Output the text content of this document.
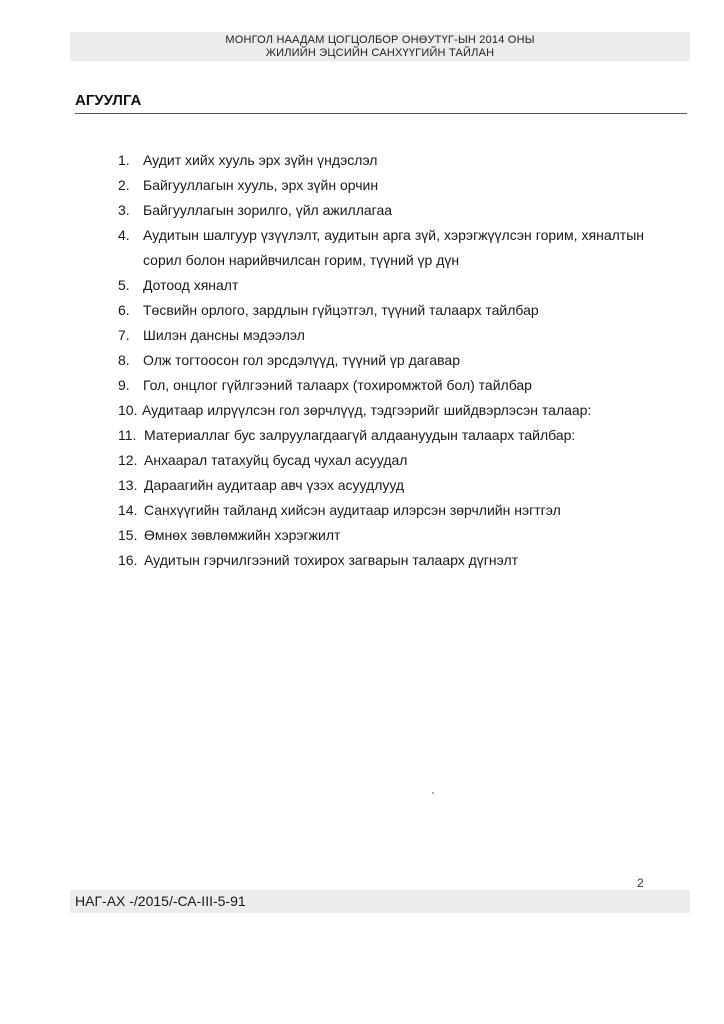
МОНГОЛ НААДАМ ЦОГЦОЛБОР ОНӨУТҮГ-ЫН 2014 ОНЫ
ЖИЛИЙН ЭЦСИЙН САНХҮҮГИЙН ТАЙЛАН
АГУУЛГА
1. Аудит хийх хууль эрх зүйн үндэслэл
2. Байгууллагын хууль, эрх зүйн орчин
3. Байгууллагын зорилго, үйл ажиллагаа
4. Аудитын шалгуур үзүүлэлт, аудитын арга зүй, хэрэгжүүлсэн горим, хяналтын сорил болон нарийвчилсан горим, түүний үр дүн
5. Дотоод хяналт
6. Төсвийн орлого, зардлын гүйцэтгэл, түүний талаарх тайлбар
7. Шилэн дансны мэдээлэл
8. Олж тогтоосон гол эрсдэлүүд, түүний үр дагавар
9. Гол, онцлог гүйлгээний талаарх (тохиромжтой бол) тайлбар
10. Аудитаар илрүүлсэн гол зөрчлүүд, тэдгээрийг шийдвэрлэсэн талаар:
11. Материаллаг бус залруулагдаагүй алдаануудын талаарх тайлбар:
12. Анхаарал татахуйц бусад чухал асуудал
13. Дараагийн аудитаар авч үзэх асуудлууд
14. Санхүүгийн тайланд хийсэн аудитаар илэрсэн зөрчлийн нэгтгэл
15. Өмнөх зөвлөмжийн хэрэгжилт
16. Аудитын гэрчилгээний тохирох загварын талаарх дүгнэлт
2
НАГ-АХ -/2015/-СА-III-5-91
